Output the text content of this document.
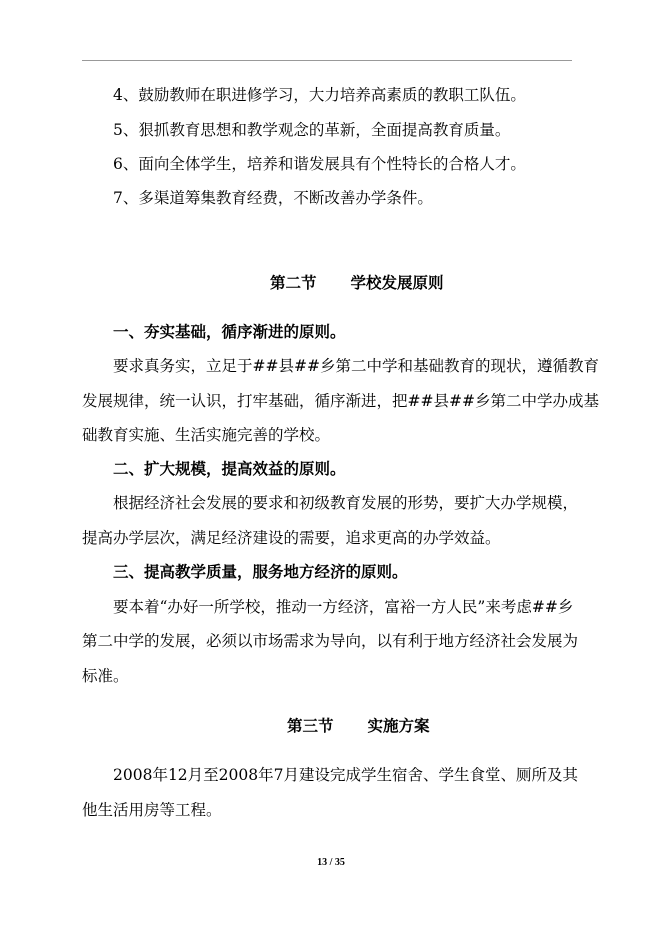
4、鼓励教师在职进修学习，大力培养高素质的教职工队伍。
5、狠抓教育思想和教学观念的革新，全面提高教育质量。
6、面向全体学生，培养和谐发展具有个性特长的合格人才。
7、多渠道筹集教育经费，不断改善办学条件。
第二节 学校发展原则
一、夯实基础，循序渐进的原则。
要求真务实，立足于##县##乡第二中学和基础教育的现状，遵循教育
发展规律，统一认识，打牢基础，循序渐进，把##县##乡第二中学办成基
础教育实施、生活实施完善的学校。
二、扩大规模，提高效益的原则。
根据经济社会发展的要求和初级教育发展的形势，要扩大办学规模，
提高办学层次，满足经济建设的需要，追求更高的办学效益。
三、提高教学质量，服务地方经济的原则。
要本着“办好一所学校，推动一方经济，富裕一方人民”来考虑##乡
第二中学的发展，必须以市场需求为导向，以有利于地方经济社会发展为
标准。
第三节 实施方案
2008年12月至2008年7月建设完成学生宿舍、学生食堂、厕所及其
他生活用房等工程。
13 / 35
